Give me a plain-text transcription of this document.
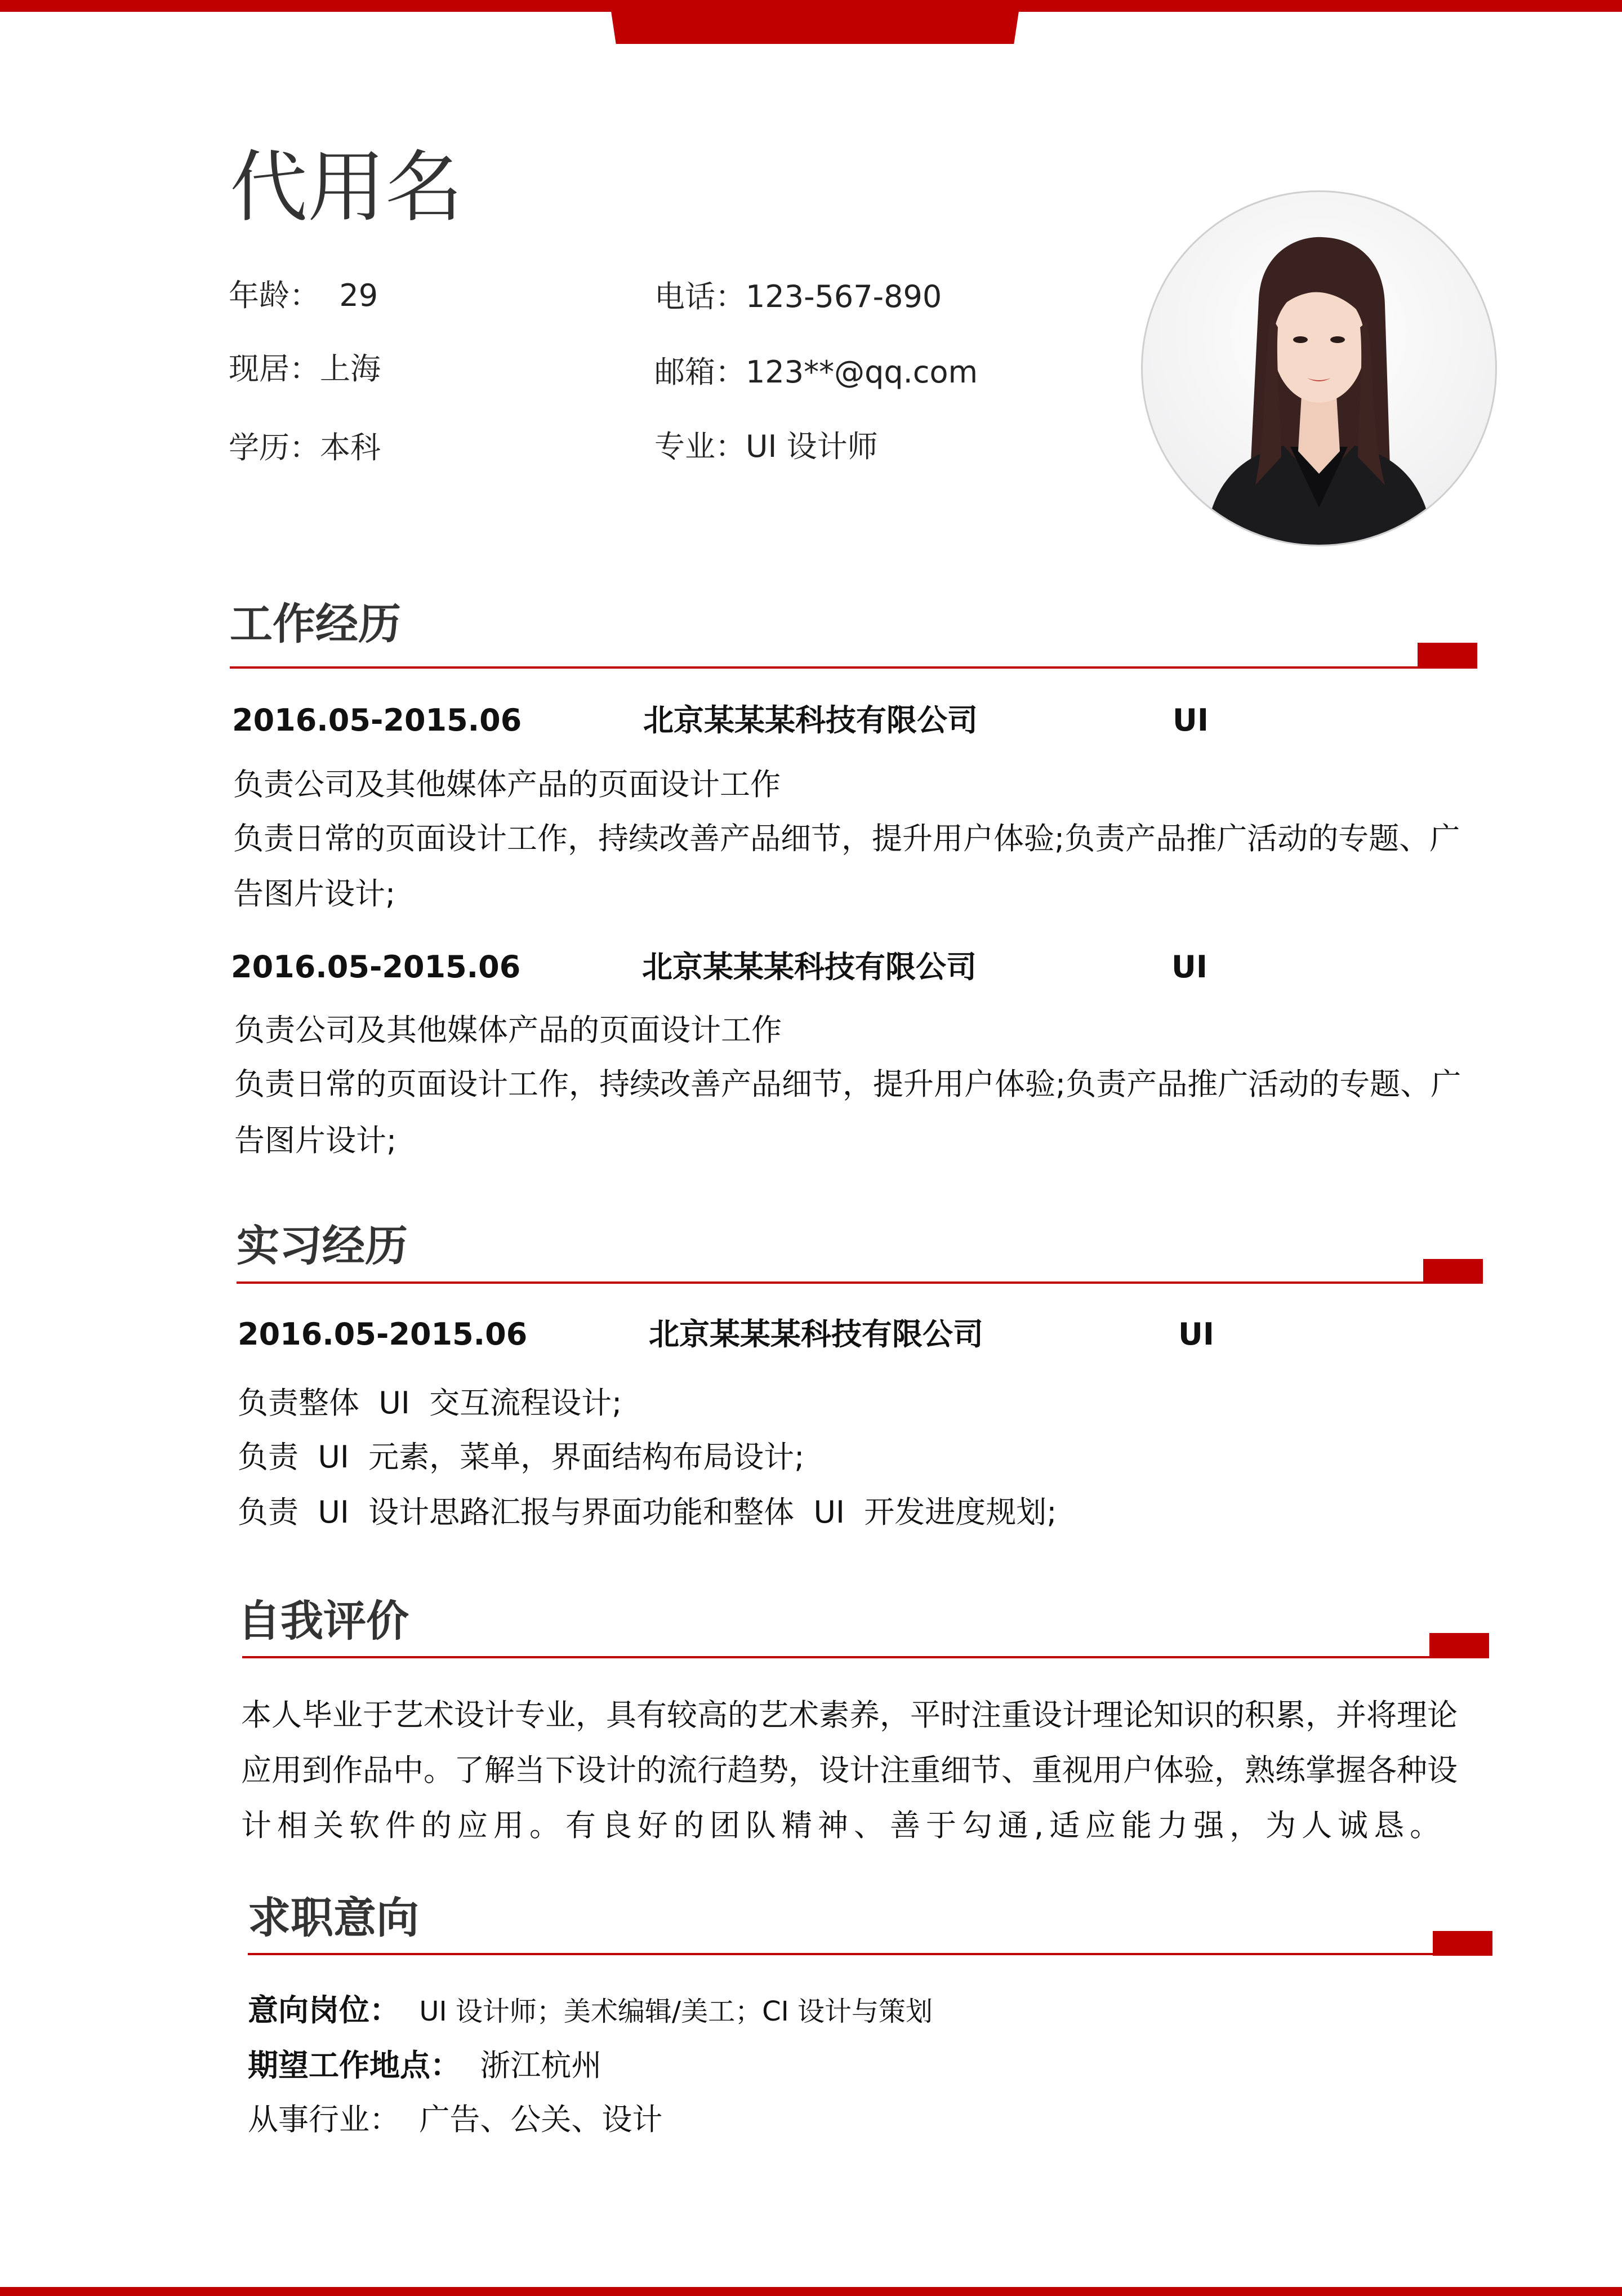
代用名
年龄： 29	电话：123-567-890
现居：上海	邮箱：123**@qq.com
学历：本科	专业：UI 设计师
工作经历
2016.05-2015.06	北京某某某科技有限公司	UI
负责公司及其他媒体产品的页面设计工作
负责日常的页面设计工作，持续改善产品细节，提升用户体验;负责产品推广活动的专题、广
告图片设计;
2016.05-2015.06	北京某某某科技有限公司	UI
负责公司及其他媒体产品的页面设计工作
负责日常的页面设计工作，持续改善产品细节，提升用户体验;负责产品推广活动的专题、广
告图片设计;
实习经历
2016.05-2015.06	北京某某某科技有限公司	UI
负责整体  UI  交互流程设计;
负责  UI  元素，菜单，界面结构布局设计;
负责  UI  设计思路汇报与界面功能和整体  UI  开发进度规划;
自我评价
本人毕业于艺术设计专业，具有较高的艺术素养，平时注重设计理论知识的积累，并将理论
应用到作品中。了解当下设计的流行趋势，设计注重细节、重视用户体验，熟练掌握各种设
计相关软件的应用。有良好的团队精神、善于勾通,适应能力强，为人诚恳。
求职意向
意向岗位： UI 设计师；美术编辑/美工；CI 设计与策划
期望工作地点： 浙江杭州
从事行业： 广告、公关、设计
